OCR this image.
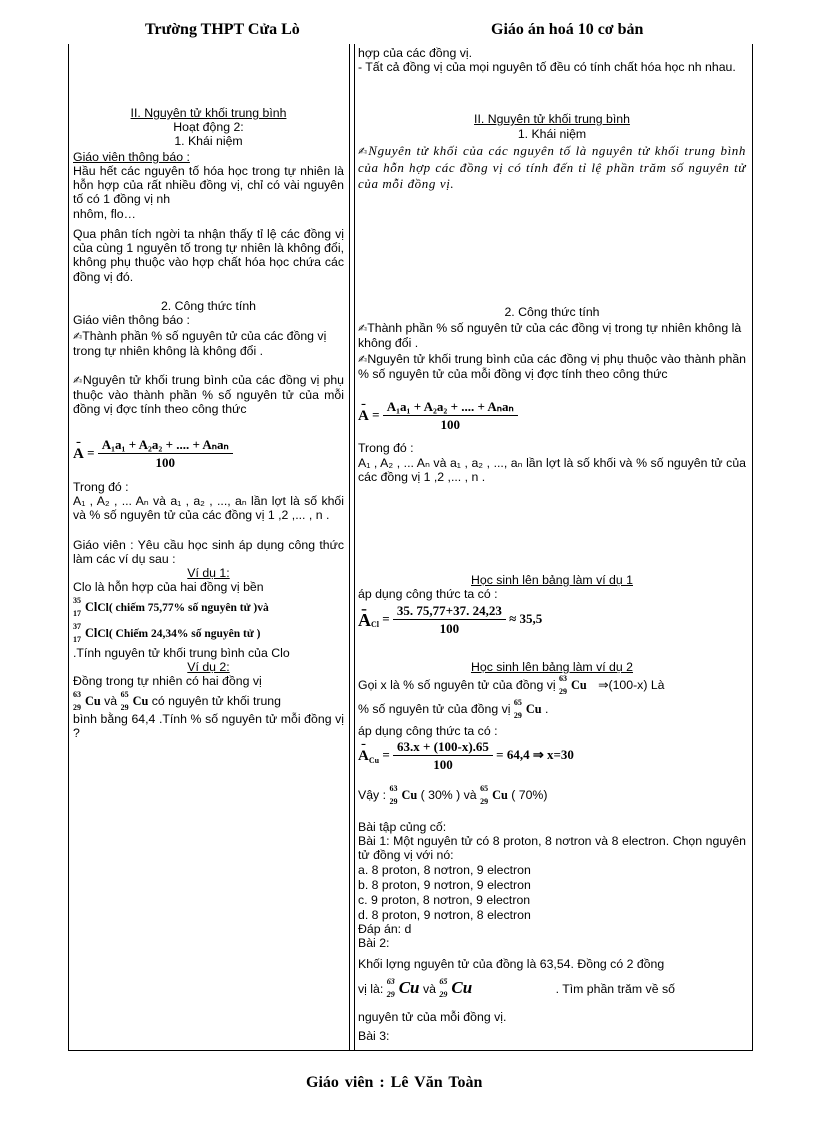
Trường THPT Cửa Lò	Giáo án hoá 10 cơ bản
II. Nguyên tử khối trung bình
Hoạt động 2:
1. Khái niệm
Giáo viên thông báo :
Hầu hết các nguyên tố hóa học trong tự nhiên là hỗn hợp của rất nhiều đồng vị, chỉ có vài nguyên tố có 1 đồng vị nh
nhôm, flo…
Qua phân tích ngời ta nhận thấy tỉ lệ các đồng vị của cùng 1 nguyên tố trong tự nhiên là không đổi, không phụ thuộc vào hợp chất hóa học chứa các đồng vị đó.
2. Công thức tính
Giáo viên thông báo :
✍Thành phần % số nguyên tử của các đồng vị trong tự nhiên không là không đổi .
✍Nguyên tử khối trung bình của các đồng vị phụ thuộc vào thành phần % số nguyên tử của mỗi đồng vị đợc tính theo công thức
- $A = \frac{\text{A₁a₁ + A₂a₂ + .... + Aₙaₙ}}{100}$
Trong đó :
A₁ , A₂ , ... Aₙ và a₁ , a₂ , ..., aₙ lần lợt là số khối và % số nguyên tử của các đồng vị 1 ,2 ,... , n .
Giáo viên : Yêu cầu học sinh áp dụng công thức làm các ví dụ sau :
Ví dụ 1:
Clo là hỗn hợp của hai đồng vị bền
35
17 ClCl( chiếm 75,77% số nguyên tử )và
37
17 ClCl( Chiếm 24,34% số nguyên tử )
.Tính nguyên tử khối trung bình của Clo
Ví dụ 2:
Đồng trong tự nhiên có hai đồng vị
63
29 Cu và 65
29 Cu có nguyên tử khối trung
bình bằng 64,4 .Tính % số nguyên tử mỗi đồng vị ?
hợp của các đồng vị.
- Tất cả đồng vị của mọi nguyên tố đều có tính chất hóa học nh nhau.
II. Nguyên tử khối trung bình
1. Khái niệm
✍Nguyên tử khối của các nguyên tố là nguyên tử khối trung bình của hỗn hợp các đồng vị có tính đến tỉ lệ phần trăm số nguyên tử của mỗi đồng vị.
2. Công thức tính
✍Thành phần % số nguyên tử của các đồng vị trong tự nhiên không là không đổi .
✍Nguyên tử khối trung bình của các đồng vị phụ thuộc vào thành phần % số nguyên tử của mỗi đồng vị đợc tính theo công thức
- $A = \frac{\text{A₁a₁ + A₂a₂ + .... + Aₙaₙ}}{100}$
Trong đó :
A₁ , A₂ , ... Aₙ và a₁ , a₂ , ..., aₙ lần lợt là số khối và % số nguyên tử của các đồng vị 1 ,2 ,... , n .
Học sinh lên bảng làm ví dụ 1
áp dụng công thức ta có :
- $A_{Cl} = \frac{35. 75,77+37. 24,23}{100} \approx 35,5$
Học sinh lên bảng làm ví dụ 2
Gọi x là % số nguyên tử của đồng vị 63
29 Cu ⇒(100-x) Là
% số nguyên tử của đồng vị 65
29 Cu .
áp dụng công thức ta có :
- $A_{Cu} = \frac{63.x + (100-x).65}{100} = 64,4$ ⇒ x=30
Vậy : 63
29 Cu ( 30% ) và 65
29 Cu ( 70%)
Bài tập củng cố:
Bài 1: Một nguyên tử có 8 proton, 8 nơtron và 8 electron. Chọn nguyên tử đồng vị với nó:
a. 8 proton, 8 nơtron, 9 electron
b. 8 proton, 9 nơtron, 9 electron
c. 9 proton, 8 nơtron, 9 electron
d. 8 proton, 9 nơtron, 8 electron
Đáp án: d
Bài 2:
Khối lợng nguyên tử của đồng là 63,54. Đồng có 2 đồng
vị là:
63
29 Cu và
65
29 Cu	. Tìm phần trăm về số
nguyên tử của mỗi đồng vị.
Bài 3:
Giáo viên : Lê Văn Toàn
